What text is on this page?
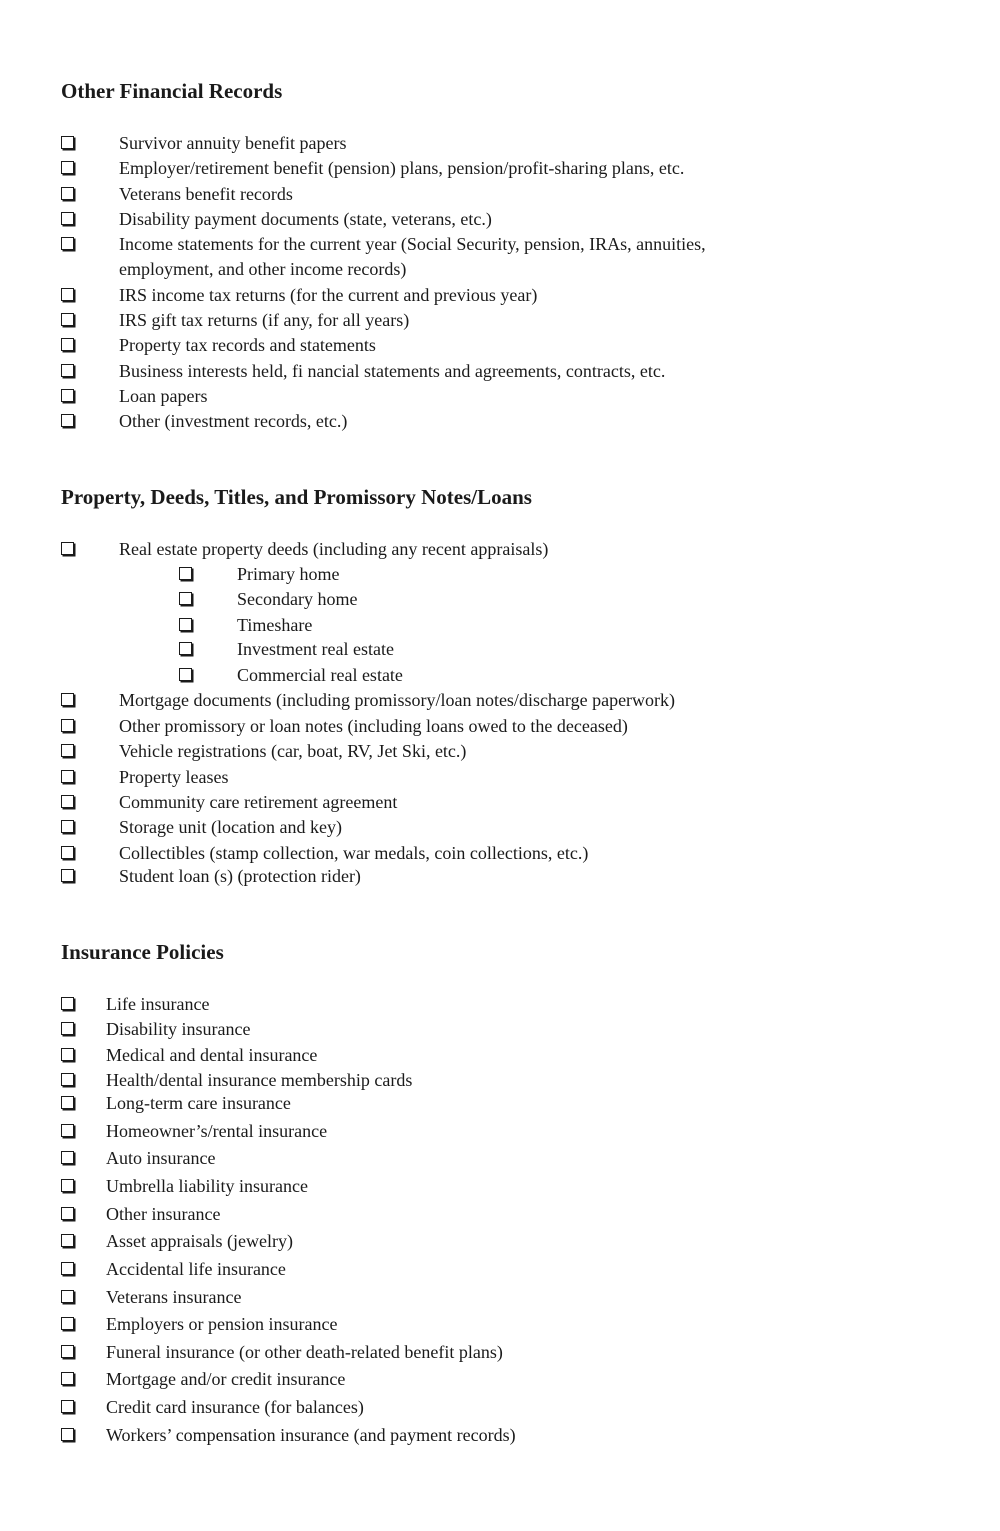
Other Financial Records
Survivor annuity benefit papers
Employer/retirement benefit (pension) plans, pension/profit-sharing plans, etc.
Veterans benefit records
Disability payment documents (state, veterans, etc.)
Income statements for the current year (Social Security, pension, IRAs, annuities,
employment, and other income records)
IRS income tax returns (for the current and previous year)
IRS gift tax returns (if any, for all years)
Property tax records and statements
Business interests held, fi nancial statements and agreements, contracts, etc.
Loan papers
Other (investment records, etc.)
Property, Deeds, Titles, and Promissory Notes/Loans
Real estate property deeds (including any recent appraisals)
Primary home
Secondary home
Timeshare
Investment real estate
Commercial real estate
Mortgage documents (including promissory/loan notes/discharge paperwork)
Other promissory or loan notes (including loans owed to the deceased)
Vehicle registrations (car, boat, RV, Jet Ski, etc.)
Property leases
Community care retirement agreement
Storage unit (location and key)
Collectibles (stamp collection, war medals, coin collections, etc.)
Student loan (s) (protection rider)
Insurance Policies
Life insurance
Disability insurance
Medical and dental insurance
Health/dental insurance membership cards
Long-term care insurance
Homeowner’s/rental insurance
Auto insurance
Umbrella liability insurance
Other insurance
Asset appraisals (jewelry)
Accidental life insurance
Veterans insurance
Employers or pension insurance
Funeral insurance (or other death-related benefit plans)
Mortgage and/or credit insurance
Credit card insurance (for balances)
Workers’ compensation insurance (and payment records)
